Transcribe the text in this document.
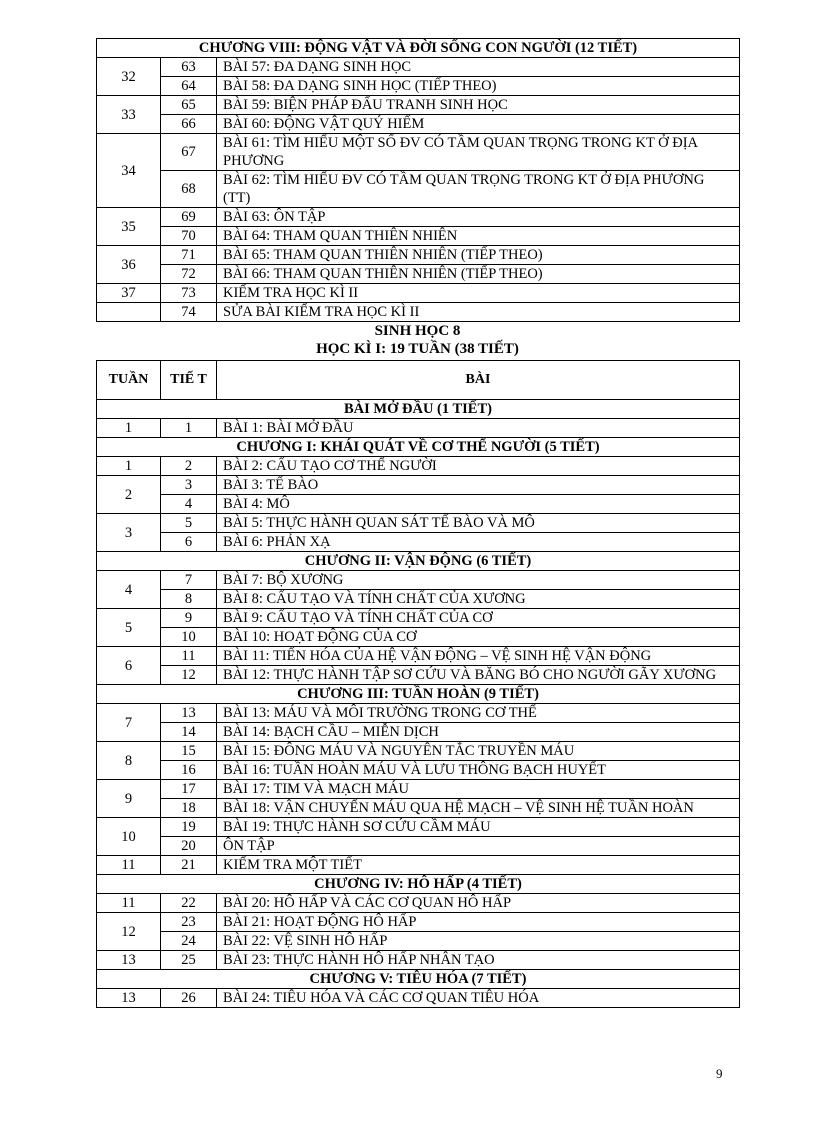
CHƯƠNG VIII: ĐỘNG VẬT VÀ ĐỜI SỐNG CON NGƯỜI (12 TIẾT)		
32	63	BÀI 57: ĐA DẠNG SINH HỌC
	64	BÀI 58: ĐA DẠNG SINH HỌC (TIẾP THEO)
33	65	BÀI 59: BIỆN PHÁP ĐẤU TRANH SINH HỌC
	66	BÀI 60: ĐỘNG VẬT QUÝ HIẾM
34	67	BÀI 61: TÌM HIỂU MỘT SỐ ĐV CÓ TẦM QUAN TRỌNG TRONG KT Ở ĐỊA PHƯƠNG
	68	BÀI 62: TÌM HIỂU ĐV CÓ TẦM QUAN TRỌNG TRONG KT Ở ĐỊA PHƯƠNG (TT)
35	69	BÀI 63: ÔN TẬP
	70	BÀI 64: THAM QUAN THIÊN NHIÊN
36	71	BÀI 65: THAM QUAN THIÊN NHIÊN (TIẾP THEO)
	72	BÀI 66: THAM QUAN THIÊN NHIÊN (TIẾP THEO)
37	73	KIỂM TRA HỌC KÌ II
	74	SỬA BÀI KIỂM TRA HỌC KÌ II
SINH HỌC 8
HỌC KÌ I: 19 TUẦN (38 TIẾT)
TUẦN	TIẾ T	BÀI
BÀI MỞ ĐẦU (1 TIẾT)		
1	1	BÀI 1: BÀI MỞ ĐẦU
CHƯƠNG I: KHÁI QUÁT VỀ CƠ THỂ NGƯỜI (5 TIẾT)		
1	2	BÀI 2: CẤU TẠO CƠ THỂ NGƯỜI
2	3	BÀI 3: TẾ BÀO
	4	BÀI 4: MÔ
3	5	BÀI 5: THỰC HÀNH QUAN SÁT TẾ BÀO VÀ MÔ
	6	BÀI 6: PHẢN XẠ
CHƯƠNG II: VẬN ĐỘNG (6 TIẾT)		
4	7	BÀI 7: BỘ XƯƠNG
	8	BÀI 8: CẤU TẠO VÀ TÍNH CHẤT CỦA XƯƠNG
5	9	BÀI 9: CẤU TẠO VÀ TÍNH CHẤT CỦA CƠ
	10	BÀI 10: HOẠT ĐỘNG CỦA CƠ
6	11	BÀI 11: TIẾN HÓA CỦA HỆ VẬN ĐỘNG – VỆ SINH HỆ VẬN ĐỘNG
	12	BÀI 12: THỰC HÀNH TẬP SƠ CỨU VÀ BĂNG BÓ CHO NGƯỜI GÃY XƯƠNG
CHƯƠNG III: TUẦN HOÀN (9 TIẾT)		
7	13	BÀI 13: MÁU VÀ MÔI TRƯỜNG TRONG CƠ THỂ
	14	BÀI 14: BẠCH CẦU – MIỄN DỊCH
8	15	BÀI 15: ĐÔNG MÁU VÀ NGUYÊN TẮC TRUYỀN MÁU
	16	BÀI 16: TUẦN HOÀN MÁU VÀ LƯU THÔNG BẠCH HUYẾT
9	17	BÀI 17: TIM VÀ MẠCH MÁU
	18	BÀI 18: VẬN CHUYỂN MÁU QUA HỆ MẠCH – VỆ SINH HỆ TUẦN HOÀN
10	19	BÀI 19: THỰC HÀNH SƠ CỨU CẦM MÁU
	20	ÔN TẬP
11	21	KIỂM TRA MỘT TIẾT
CHƯƠNG IV: HÔ HẤP (4 TIẾT)		
11	22	BÀI 20: HÔ HẤP VÀ CÁC CƠ QUAN HÔ HẤP
12	23	BÀI 21: HOẠT ĐỘNG HÔ HẤP
	24	BÀI 22: VỆ SINH HÔ HẤP
13	25	BÀI 23: THỰC HÀNH HÔ HẤP NHÂN TẠO
CHƯƠNG V: TIÊU HÓA (7 TIẾT)		
13	26	BÀI 24: TIÊU HÓA VÀ CÁC CƠ QUAN TIÊU HÓA
9
